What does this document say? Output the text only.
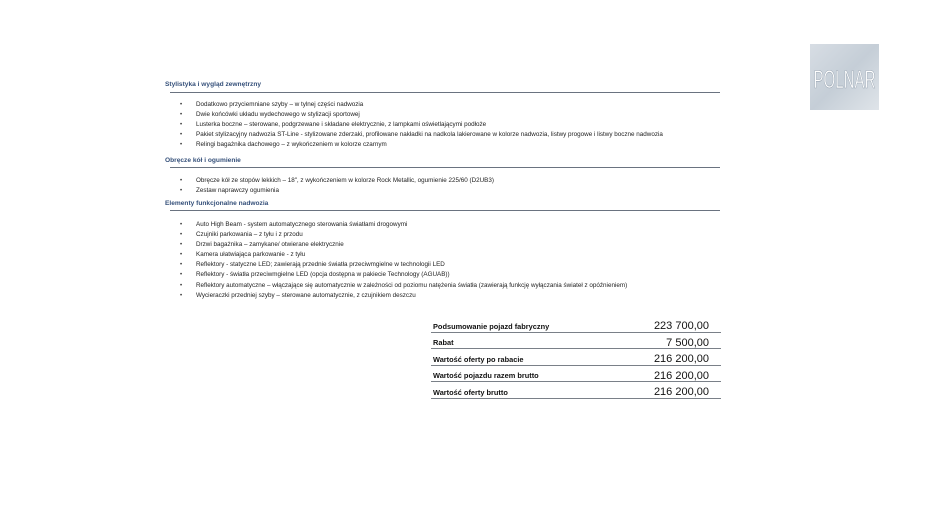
POLNAR
Stylistyka i wygląd zewnętrzny
• Dodatkowo przyciemniane szyby – w tylnej części nadwozia
• Dwie końcówki układu wydechowego w stylizacji sportowej
• Lusterka boczne – sterowane, podgrzewane i składane elektrycznie, z lampkami oświetlającymi podłoże
• Pakiet stylizacyjny nadwozia ST-Line - stylizowane zderzaki, profilowane nakładki na nadkola lakierowane w kolorze nadwozia, listwy progowe i listwy boczne nadwozia
• Relingi bagażnika dachowego – z wykończeniem w kolorze czarnym
Obręcze kół i ogumienie
• Obręcze kół ze stopów lekkich – 18", z wykończeniem w kolorze Rock Metallic, ogumienie 225/60 (D2UB3)
• Zestaw naprawczy ogumienia
Elementy funkcjonalne nadwozia
• Auto High Beam - system automatycznego sterowania światłami drogowymi
• Czujniki parkowania – z tyłu i z przodu
• Drzwi bagażnika – zamykane/ otwierane elektrycznie
• Kamera ułatwiająca parkowanie - z tyłu
• Reflektory - statyczne LED; zawierają przednie światła przeciwmgielne w technologii LED
• Reflektory - światła przeciwmgielne LED (opcja dostępna w pakiecie Technology (AGUAB))
• Reflektory automatyczne – włączające się automatycznie w zależności od poziomu natężenia światła (zawierają funkcję wyłączania świateł z opóźnieniem)
• Wycieraczki przedniej szyby – sterowane automatycznie, z czujnikiem deszczu
Podsumowanie pojazd fabryczny	223 700,00
Rabat	7 500,00
Wartość oferty po rabacie	216 200,00
Wartość pojazdu razem brutto	216 200,00
Wartość oferty brutto	216 200,00
